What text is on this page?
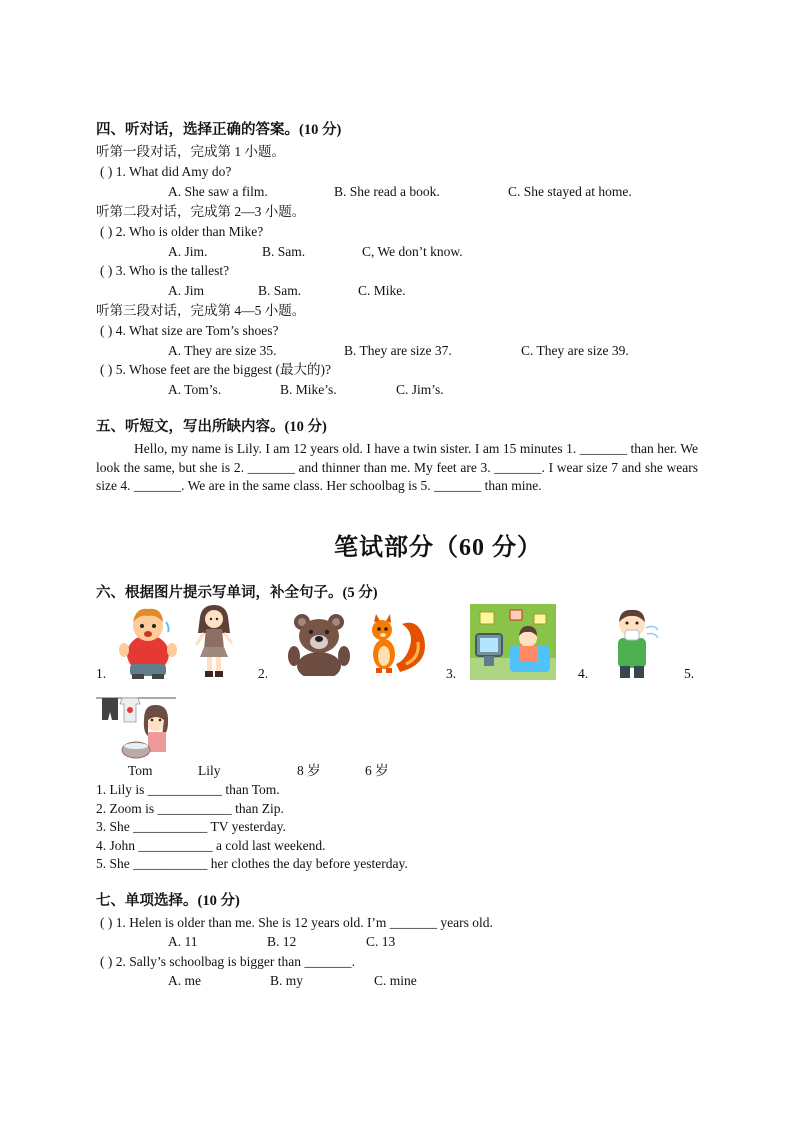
四、听对话，选择正确的答案。(10 分)
听第一段对话，完成第 1 小题。
( ) 1. What did Amy do?
A. She saw a film.	B. She read a book.	C. She stayed at home.
听第二段对话，完成第 2—3 小题。
( ) 2. Who is older than Mike?
A. Jim.	B. Sam.	C, We don’t know.
( ) 3. Who is the tallest?
A. Jim	B. Sam.	C. Mike.
听第三段对话，完成第 4—5 小题。
( ) 4. What size are Tom’s shoes?
A. They are size 35.	B. They are size 37.	C. They are size 39.
( ) 5. Whose feet are the biggest (最大的)?
A. Tom’s.	B. Mike’s.	C. Jim’s.
五、听短文，写出所缺内容。(10 分)
Hello, my name is Lily. I am 12 years old. I have a twin sister. I am 15 minutes 1. _______ than her. We look the same, but she is 2. _______ and thinner than me. My feet are 3. _______. I wear size 7 and she wears size 4. _______. We are in the same class. Her schoolbag is 5. _______ than mine.
笔试部分（60 分）
六、根据图片提示写单词，补全句子。(5 分)
1.	2.	3.	4.	5.
Tom	Lily	8 岁	6 岁
1. Lily is ___________ than Tom.
2. Zoom is ___________ than Zip.
3. She ___________ TV yesterday.
4. John ___________ a cold last weekend.
5. She ___________ her clothes the day before yesterday.
七、单项选择。(10 分)
( ) 1. Helen is older than me. She is 12 years old. I’m _______ years old.
A. 11	B. 12	C. 13
( ) 2. Sally’s schoolbag is bigger than _______.
A. me	B. my	C. mine
